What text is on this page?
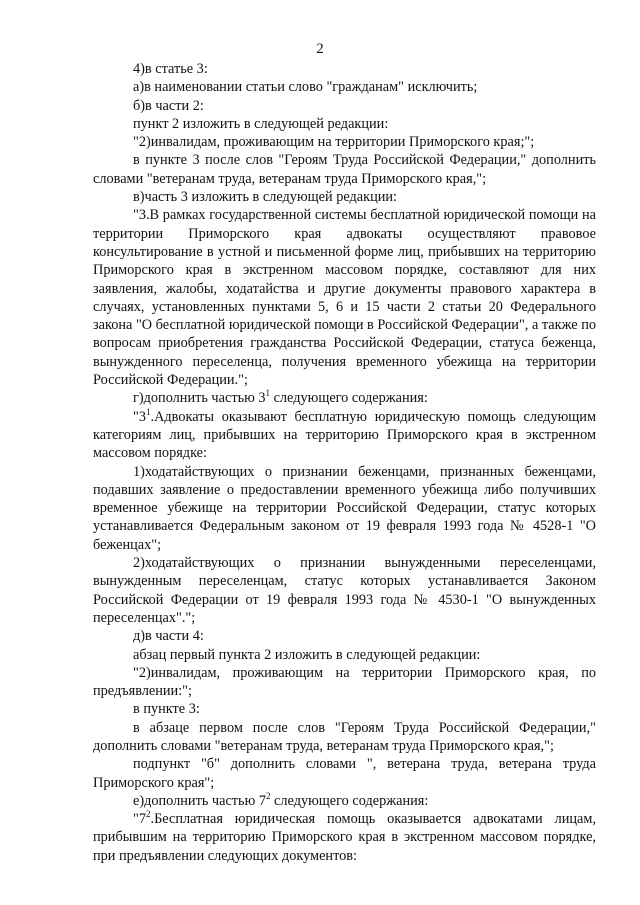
2

4)в статье 3:

а)в наименовании статьи слово "гражданам" исключить;

б)в части 2:

пункт 2 изложить в следующей редакции:

"2)инвалидам, проживающим на территории Приморского края;";

в пункте 3 после слов "Героям Труда Российской Федерации," дополнить словами "ветеранам труда, ветеранам труда Приморского края,";

в)часть 3 изложить в следующей редакции:

"3.В рамках государственной системы бесплатной юридической помощи на территории Приморского края адвокаты осуществляют правовое консультирование в устной и письменной форме лиц, прибывших на территорию Приморского края в экстренном массовом порядке, составляют для них заявления, жалобы, ходатайства и другие документы правового характера в случаях, установленных пунктами 5, 6 и 15 части 2 статьи 20 Федерального закона "О бесплатной юридической помощи в Российской Федерации", а также по вопросам приобретения гражданства Российской Федерации, статуса беженца, вынужденного переселенца, получения временного убежища на территории Российской Федерации.";

г)дополнить частью $3^1$ следующего содержания:

"$3^1.Адвокаты$ оказывают бесплатную юридическую помощь следующим категориям лиц, прибывших на территорию Приморского края в экстренном массовом порядке:

1)ходатайствующих о признании беженцами, признанных беженцами, подавших заявление о предоставлении временного убежища либо получивших временное убежище на территории Российской Федерации, статус которых устанавливается Федеральным законом от 19 февраля 1993 года № 4528-1 "О беженцах";

2)ходатайствующих о признании вынужденными переселенцами, вынужденным переселенцам, статус которых устанавливается Законом Российской Федерации от 19 февраля 1993 года № 4530-1 "О вынужденных переселенцах".";

д)в части 4:

абзац первый пункта 2 изложить в следующей редакции:

"2)инвалидам, проживающим на территории Приморского края, по предъявлении:";

в пункте 3:

в абзаце первом после слов "Героям Труда Российской Федерации," дополнить словами "ветеранам труда, ветеранам труда Приморского края,";

подпункт "б" дополнить словами ", ветерана труда, ветерана труда Приморского края";

е)дополнить частью $7^2$ следующего содержания:

"$7^2.Бесплатная$ юридическая помощь оказывается адвокатами лицам, прибывшим на территорию Приморского края в экстренном массовом порядке, при предъявлении следующих документов:
